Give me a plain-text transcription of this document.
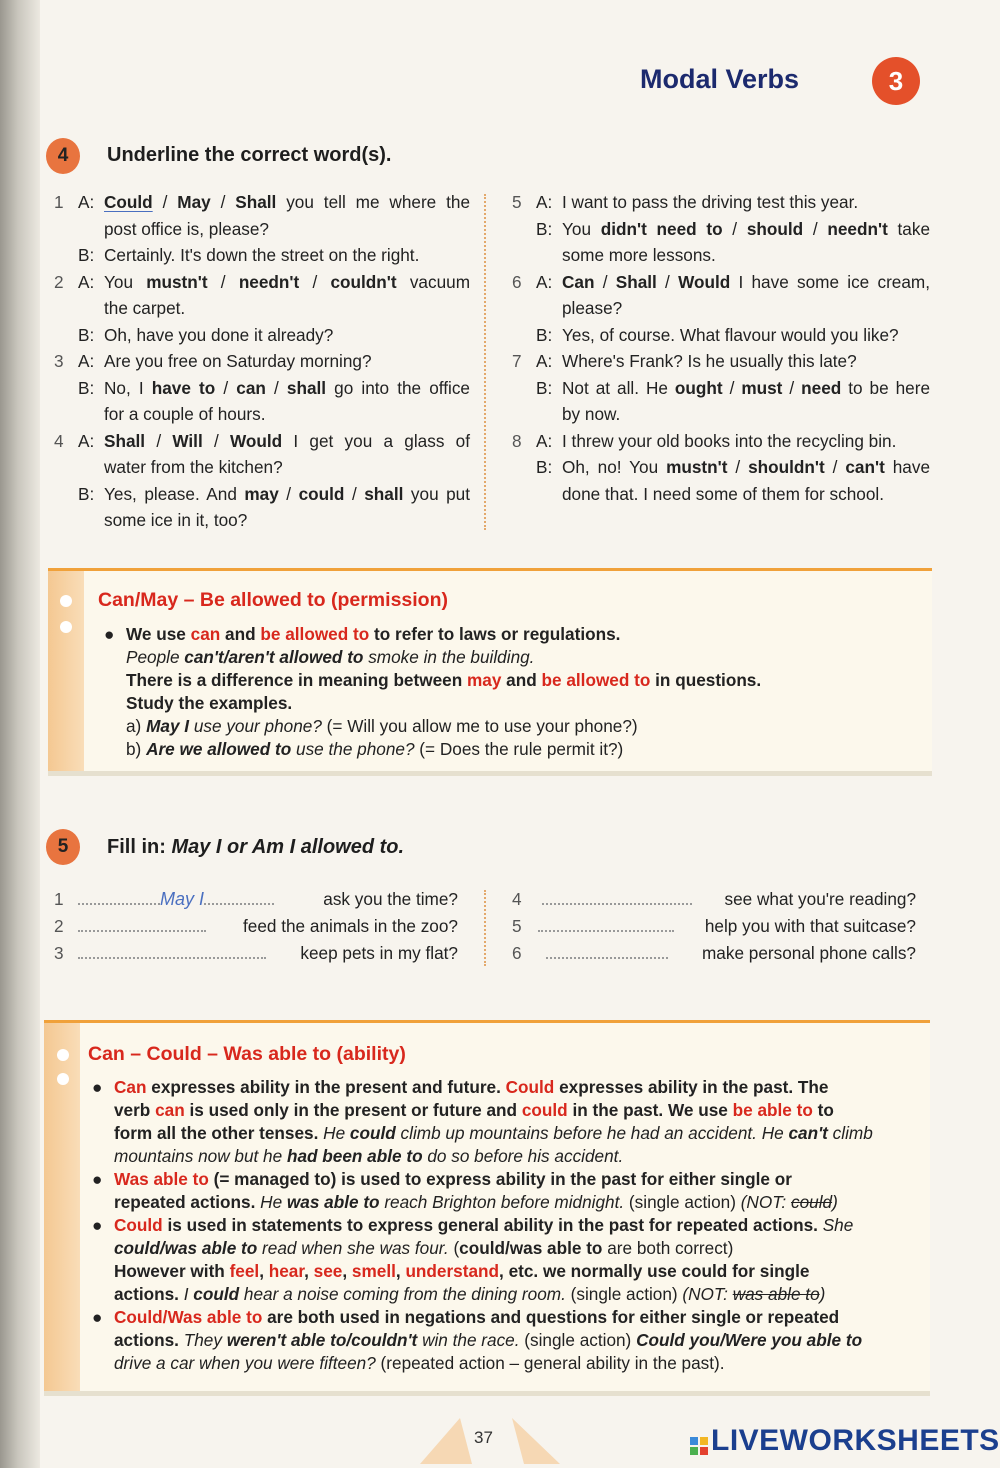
Modal Verbs	3
4	Underline the correct word(s).
1 A: Could / May / Shall you tell me where the
post office is, please?
B: Certainly. It's down the street on the right.
2 A: You mustn't / needn't / couldn't vacuum
the carpet.
B: Oh, have you done it already?
3 A: Are you free on Saturday morning?
B: No, I have to / can / shall go into the office
for a couple of hours.
4 A: Shall / Will / Would I get you a glass of
water from the kitchen?
B: Yes, please. And may / could / shall you put
some ice in it, too?
5 A: I want to pass the driving test this year.
B: You didn't need to / should / needn't take
some more lessons.
6 A: Can / Shall / Would I have some ice cream,
please?
B: Yes, of course. What flavour would you like?
7 A: Where's Frank? Is he usually this late?
B: Not at all. He ought / must / need to be here
by now.
8 A: I threw your old books into the recycling bin.
B: Oh, no! You mustn't / shouldn't / can't have
done that. I need some of them for school.
Can/May – Be allowed to (permission)
● We use can and be allowed to to refer to laws or regulations.
People can't/aren't allowed to smoke in the building.
There is a difference in meaning between may and be allowed to in questions.
Study the examples.
a) May I use your phone? (= Will you allow me to use your phone?)
b) Are we allowed to use the phone? (= Does the rule permit it?)
5	Fill in: May I or Am I allowed to.
1	May I	ask you the time?
2	feed the animals in the zoo?
3	keep pets in my flat?
4	see what you're reading?
5	help you with that suitcase?
6	make personal phone calls?
Can – Could – Was able to (ability)
● Can expresses ability in the present and future. Could expresses ability in the past. The
verb can is used only in the present or future and could in the past. We use be able to to
form all the other tenses. He could climb up mountains before he had an accident. He can't climb
mountains now but he had been able to do so before his accident.
● Was able to (= managed to) is used to express ability in the past for either single or
repeated actions. He was able to reach Brighton before midnight. (single action) (NOT: could)
● Could is used in statements to express general ability in the past for repeated actions. She
could/was able to read when she was four. (could/was able to are both correct)
However with feel, hear, see, smell, understand, etc. we normally use could for single
actions. I could hear a noise coming from the dining room. (single action) (NOT: was able to)
● Could/Was able to are both used in negations and questions for either single or repeated
actions. They weren't able to/couldn't win the race. (single action) Could you/Were you able to
drive a car when you were fifteen? (repeated action – general ability in the past).
37	LIVEWORKSHEETS
